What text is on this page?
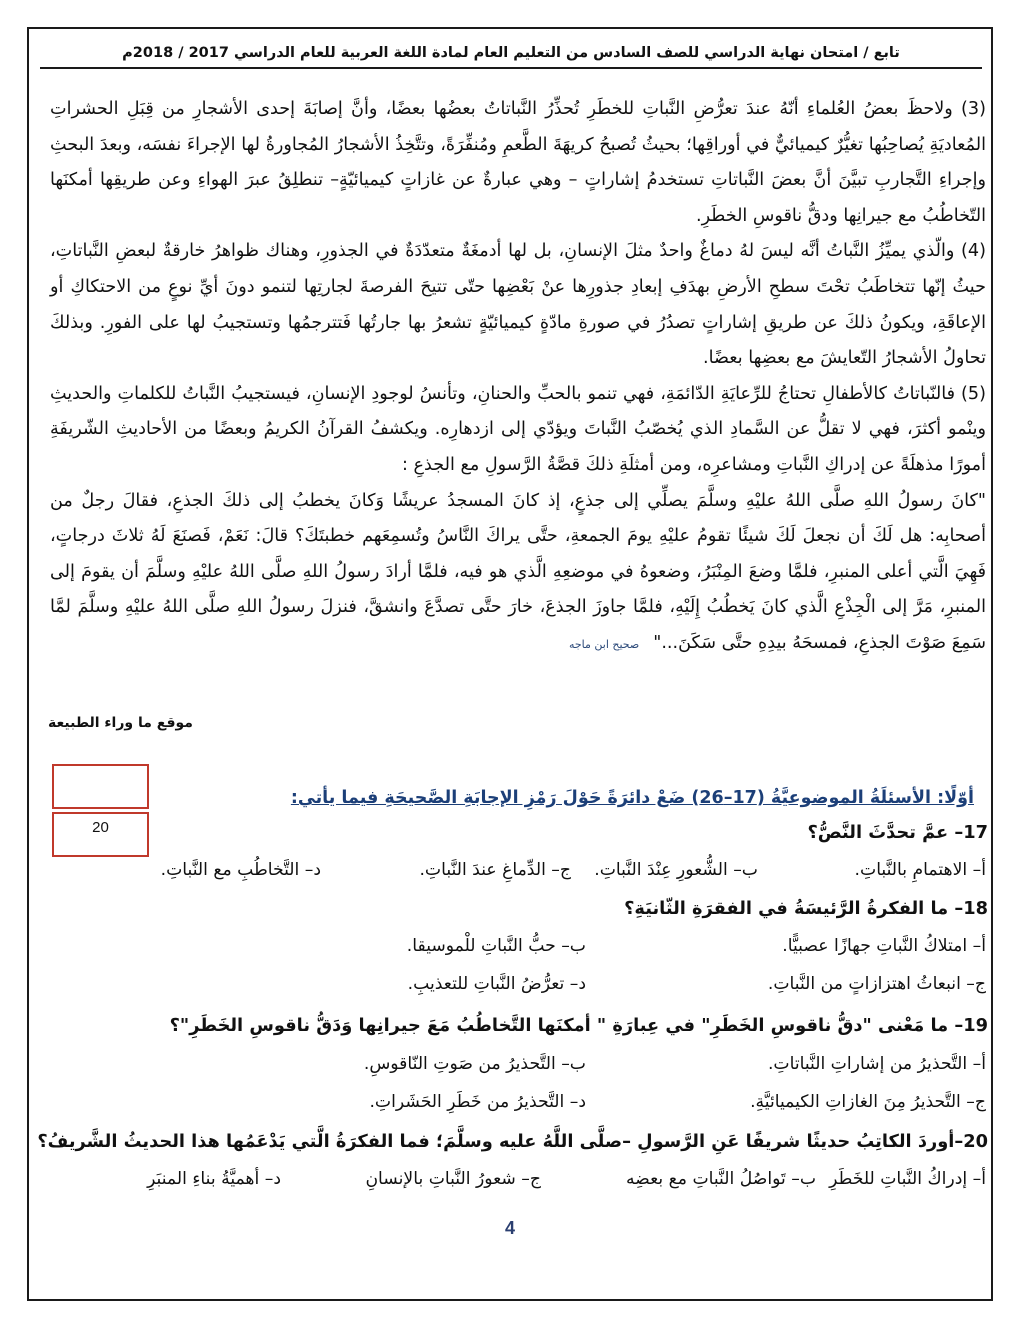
تابع / امتحان نهاية الدراسي للصف السادس من التعليم العام لمادة اللغة العربية للعام الدراسي 2017 / 2018م

(3) ولاحظَ بعضُ العُلماءِ أنّهُ عندَ تعرُّضِ النَّباتِ للخطَرِ تُحذِّرُ النَّباتاتُ بعضُها بعضًا، وأنَّ إصابَةَ إحدى الأشجارِ من قِبَلِ الحشراتِ المُعاديَةِ يُصاحِبُها تغيُّرٌ كيميائيٌّ في أوراقِها؛ بحيثُ تُصبحُ كريهَةَ الطَّعمِ ومُنفِّرَةً، وتتَّخِذُ الأشجارُ المُجاورةُ لها الإجراءَ نفسَه، وبعدَ البحثِ وإجراءِ التَّجاربِ تبيَّنَ أنَّ بعضَ النَّباتاتِ تستخدمُ إشاراتٍ – وهي عبارةٌ عن غازاتٍ كيميائيّةٍ– تنطلِقُ عبرَ الهواءِ وعن طريقِها أمكنَها التّخاطُبُ مع جيرانِها ودقُّ ناقوسِ الخطَرِ.

(4) والّذي يميِّزُ النَّباتُ أنَّه ليسَ لهُ دماغٌ واحدٌ مثلَ الإنسانِ، بل لها أدمغَةٌ متعدّدَةٌ في الجذورِ، وهناك ظواهرُ خارقةٌ لبعضِ النَّباتاتِ، حيثُ إنّها تتخاطَبُ تحْتَ سطحِ الأرضِ بهدَفِ إبعادِ جذورِها عنْ بَعْضِها حتّى تتيحَ الفرصةَ لجارتِها لتنمو دونَ أيِّ نوعٍ من الاحتكاكِ أو الإعاقَةِ، ويكونُ ذلكَ عن طريقِ إشاراتٍ تصدُرُ في صورةِ مادّةٍ كيميائيّةٍ تشعرُ بها جارتُها فَتترجمُها وتستجيبُ لها على الفورِ. وبذلكَ تحاولُ الأشجارُ التّعايشَ مع بعضِها بعضًا.

(5) فالنّباتاتُ كالأطفالِ تحتاجُ للرِّعايَةِ الدّائمَةِ، فهي تنمو بالحبِّ والحنانِ، وتأنسُ لوجودِ الإنسانِ، فيستجيبُ النَّباتُ للكلماتِ والحديثِ وينْمو أكثرَ، فهي لا تقلُّ عن السَّمادِ الذي يُخصّبُ النَّباتَ ويؤدّي إلى ازدهارِه. ويكشفُ القرآنُ الكريمُ وبعضًا من الأحاديثِ الشّريفَةِ أمورًا مذهلَةً عن إدراكِ النَّباتِ ومشاعرِه، ومن أمثلَةِ ذلكَ قصَّةُ الرَّسولِ مع الجذعِ :

"كانَ رسولُ اللهِ صلَّى اللهُ عليْهِ وسلَّمَ يصلِّي إلى جذعٍ، إذ كانَ المسجدُ عريشًا وَكانَ يخطبُ إلى ذلكَ الجذعِ، فقالَ رجلٌ من أصحابِه: هل لَكَ أن نجعلَ لَكَ شيئًا تقومُ عليْهِ يومَ الجمعةِ، حتَّى يراكَ النَّاسُ وتُسمِعَهم خطبتَكَ؟ قالَ: نَعَمْ، فَصنَعَ لَهُ ثلاثَ درجاتٍ، فَهِيَ الَّتي أعلى المنبرِ، فلمَّا وضعَ المِنْبَرُ، وضعوهُ في موضعِهِ الَّذي هو فيه، فلمَّا أرادَ رسولُ اللهِ صلَّى اللهُ عليْهِ وسلَّمَ أن يقومَ إلى المنبرِ، مَرَّ إلى الْجِذْعِ الَّذي كانَ يَخطُبُ إِلَيْهِ، فلمَّا جاوزَ الجذعَ، خارَ حتَّى تصدَّعَ وانشقَّ، فنزلَ رسولُ اللهِ صلَّى اللهُ عليْهِ وسلَّمَ لمَّا سَمِعَ صَوْتَ الجذعِ، فمسحَهُ بيدِهِ حتَّى سَكَنَ..."صحيح ابن ماجه

موقع ما وراء الطبيعة
20
أوّلًا: الأسئلَةُ الموضوعيَّةُ (17–26) ضَعْ دائرَةً حَوْلَ رَمْزِ الإجابَةِ الصَّحيحَةِ فيما يأتي:
17– عمَّ تحدَّثَ النَّصُّ؟
أ– الاهتمامِ بالنَّباتِ.
ب– الشُّعورِ عِنْدَ النَّباتِ.
ج– الدِّماغِ عندَ النَّباتِ.
د– التَّخاطُبِ مع النَّباتِ.
18– ما الفكرةُ الرَّئيسَةُ في الفقرَةِ الثّانيَةِ؟
أ– امتلاكُ النَّباتِ جهازًا عصبيًّا.
ب– حبُّ النَّباتِ للْموسيقا.
ج– انبعاثُ اهتزازاتٍ من النَّباتِ.
د– تعرُّضُ النَّباتِ للتعذيبِ.
19– ما مَعْنى "دقُّ ناقوسِ الخَطَرِ" في عِبارَةِ " أمكنَها التَّخاطُبُ مَعَ جيرانِها وَدَقُّ ناقوسِ الخَطَرِ"؟
أ– التَّحذيرُ من إشاراتِ النَّباتاتِ.
ب– التَّحذيرُ من صَوتِ النّاقوسِ.
ج– التَّحذيرُ مِنَ الغازاتِ الكيميائيَّةِ.
د– التَّحذيرُ من خَطَرِ الحَشَراتِ.
20–أوردَ الكاتِبُ حديثًا شريفًا عَنِ الرَّسولِ –صلَّى اللَّهُ عليه وسلَّمَ؛ فما الفكرَةُ الَّتي يَدْعَمُها هذا الحديثُ الشَّريفُ؟
أ– إدراكُ النَّباتِ للخَطَرِ
ب– تَواصُلُ النَّباتِ مع بعضِه
ج– شعورُ النَّباتِ بالإنسانِ
د– أهميَّةُ بناءِ المنبَرِ
4
